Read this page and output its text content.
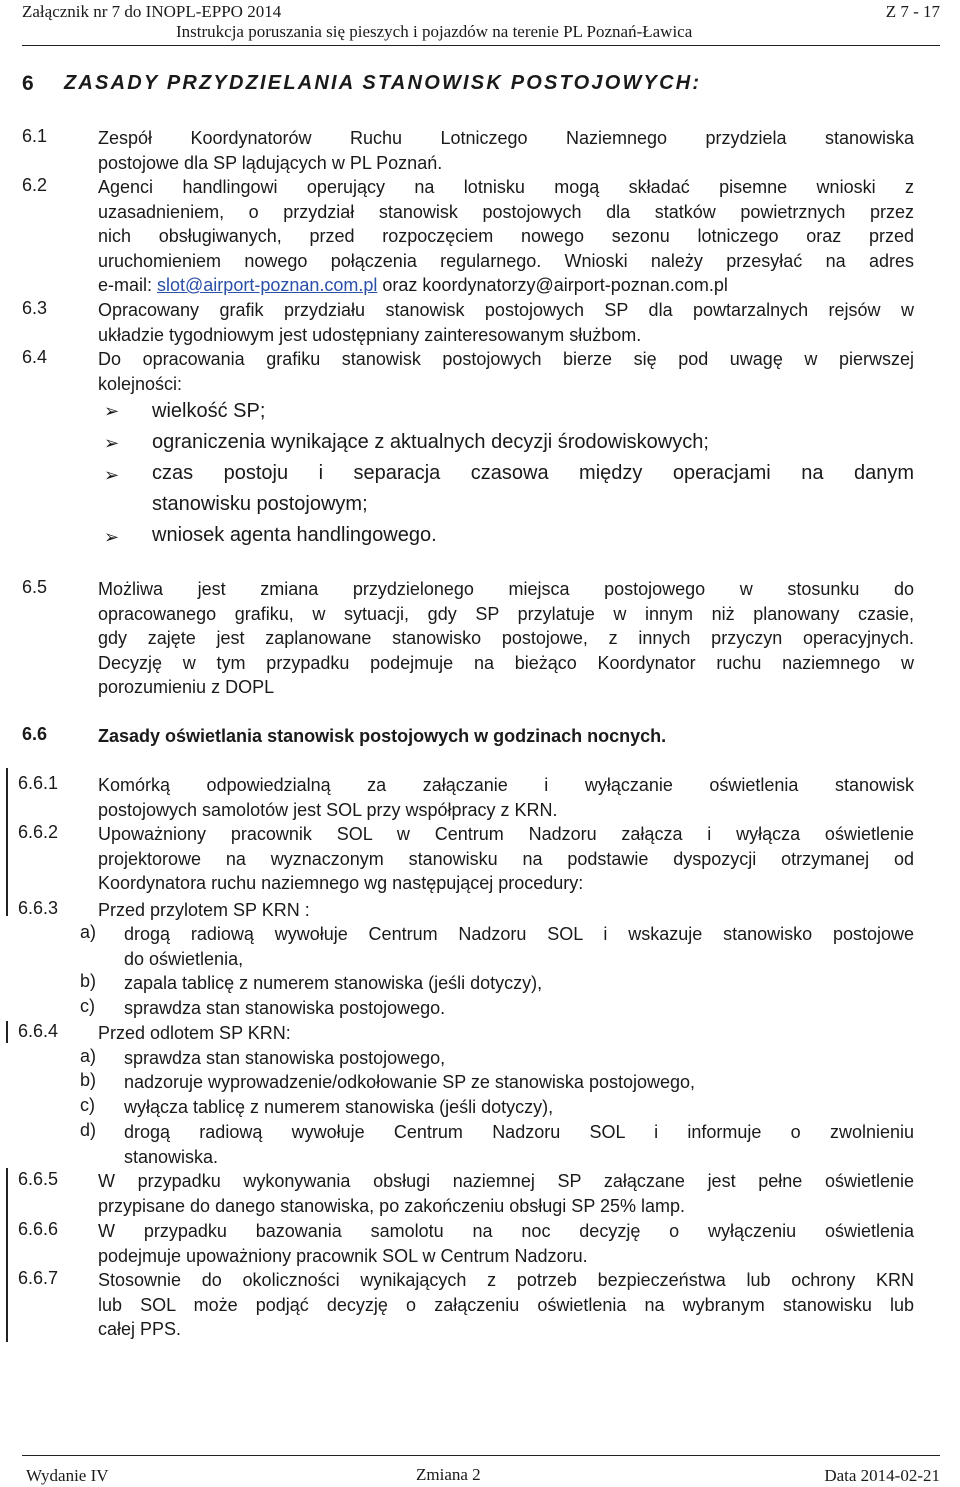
Załącznik nr 7 do INOPL-EPPO 2014	Z 7 - 17
Instrukcja poruszania się pieszych i pojazdów na terenie PL Poznań-Ławica
6 ZASADY PRZYDZIELANIA STANOWISK POSTOJOWYCH:
6.1	Zespół Koordynatorów Ruchu Lotniczego Naziemnego przydziela stanowiska
postojowe dla SP lądujących w PL Poznań.
6.2	Agenci handlingowi operujący na lotnisku mogą składać pisemne wnioski z
uzasadnieniem, o przydział stanowisk postojowych dla statków powietrznych przez
nich obsługiwanych, przed rozpoczęciem nowego sezonu lotniczego oraz przed
uruchomieniem nowego połączenia regularnego. Wnioski należy przesyłać na adres
e-mail: slot@airport-poznan.com.pl oraz koordynatorzy@airport-poznan.com.pl
6.3	Opracowany grafik przydziału stanowisk postojowych SP dla powtarzalnych rejsów w
układzie tygodniowym jest udostępniany zainteresowanym służbom.
6.4	Do opracowania grafiku stanowisk postojowych bierze się pod uwagę w pierwszej
kolejności:
➢ wielkość SP;
➢ ograniczenia wynikające z aktualnych decyzji środowiskowych;
➢ czas postoju i separacja czasowa między operacjami na danym
stanowisku postojowym;
➢ wniosek agenta handlingowego.
6.5	Możliwa jest zmiana przydzielonego miejsca postojowego w stosunku do
opracowanego grafiku, w sytuacji, gdy SP przylatuje w innym niż planowany czasie,
gdy zajęte jest zaplanowane stanowisko postojowe, z innych przyczyn operacyjnych.
Decyzję w tym przypadku podejmuje na bieżąco Koordynator ruchu naziemnego w
porozumieniu z DOPL
6.6	Zasady oświetlania stanowisk postojowych w godzinach nocnych.
6.6.1 Komórką odpowiedzialną za załączanie i wyłączanie oświetlenia stanowisk
postojowych samolotów jest SOL przy współpracy z KRN.
6.6.2 Upoważniony pracownik SOL w Centrum Nadzoru załącza i wyłącza oświetlenie
projektorowe na wyznaczonym stanowisku na podstawie dyspozycji otrzymanej od
Koordynatora ruchu naziemnego wg następującej procedury:
6.6.3 Przed przylotem SP KRN :
a) drogą radiową wywołuje Centrum Nadzoru SOL i wskazuje stanowisko postojowe
do oświetlenia,
b) zapala tablicę z numerem stanowiska (jeśli dotyczy),
c) sprawdza stan stanowiska postojowego.
6.6.4 Przed odlotem SP KRN:
a) sprawdza stan stanowiska postojowego,
b) nadzoruje wyprowadzenie/odkołowanie SP ze stanowiska postojowego,
c) wyłącza tablicę z numerem stanowiska (jeśli dotyczy),
d) drogą radiową wywołuje Centrum Nadzoru SOL i informuje o zwolnieniu
stanowiska.
6.6.5 W przypadku wykonywania obsługi naziemnej SP załączane jest pełne oświetlenie
przypisane do danego stanowiska, po zakończeniu obsługi SP 25% lamp.
6.6.6 W przypadku bazowania samolotu na noc decyzję o wyłączeniu oświetlenia
podejmuje upoważniony pracownik SOL w Centrum Nadzoru.
6.6.7 Stosownie do okoliczności wynikających z potrzeb bezpieczeństwa lub ochrony KRN
lub SOL może podjąć decyzję o załączeniu oświetlenia na wybranym stanowisku lub
całej PPS.
Wydanie IV	Zmiana 2	Data 2014-02-21
